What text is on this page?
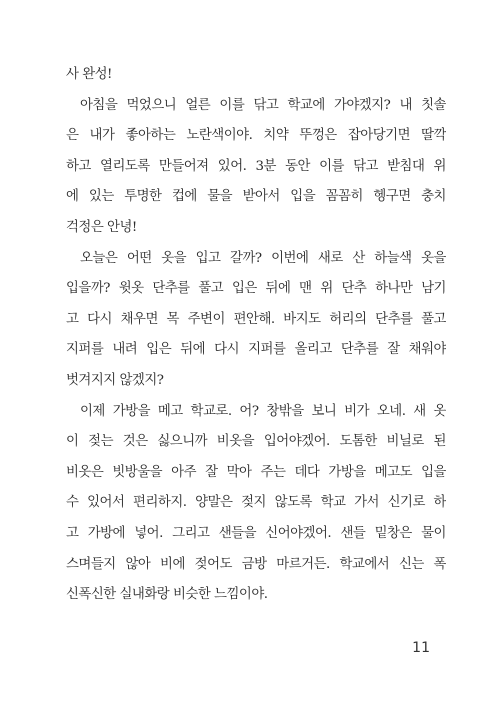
사 완성!
아침을 먹었으니 얼른 이를 닦고 학교에 가야겠지? 내 칫솔
은 내가 좋아하는 노란색이야. 치약 뚜껑은 잡아당기면 딸깍
하고 열리도록 만들어져 있어. 3분 동안 이를 닦고 받침대 위
에 있는 투명한 컵에 물을 받아서 입을 꼼꼼히 헹구면 충치
걱정은 안녕!
오늘은 어떤 옷을 입고 갈까? 이번에 새로 산 하늘색 옷을
입을까? 윗옷 단추를 풀고 입은 뒤에 맨 위 단추 하나만 남기
고 다시 채우면 목 주변이 편안해. 바지도 허리의 단추를 풀고
지퍼를 내려 입은 뒤에 다시 지퍼를 올리고 단추를 잘 채워야
벗겨지지 않겠지?
이제 가방을 메고 학교로. 어? 창밖을 보니 비가 오네. 새 옷
이 젖는 것은 싫으니까 비옷을 입어야겠어. 도톰한 비닐로 된
비옷은 빗방울을 아주 잘 막아 주는 데다 가방을 메고도 입을
수 있어서 편리하지. 양말은 젖지 않도록 학교 가서 신기로 하
고 가방에 넣어. 그리고 샌들을 신어야겠어. 샌들 밑창은 물이
스며들지 않아 비에 젖어도 금방 마르거든. 학교에서 신는 폭
신폭신한 실내화랑 비슷한 느낌이야.
11
